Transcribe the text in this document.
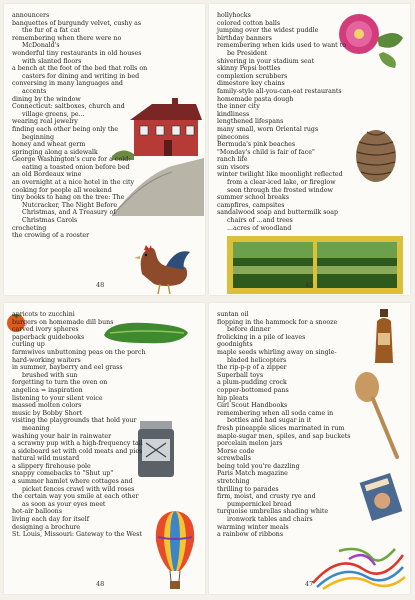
announcers
banquettes of burgundy velvet, cushy as
the fur of a fat cat
remembering when there were no
McDonald's
wonderful tiny restaurants in old houses
with slanted floors
a bench at the foot of the bed that rolls on
casters for dining and writing in bed
conversing in many languages and
accents
dining by the window
Connecticut: saltboxes, church and
village greens, pe...
wearing real jewelry
finding each other being only the
beginning
honey and wheat germ
springing along a sidewalk
George Washington's cure for a cold:
eating a toasted onion before bed
an old Bordeaux wine
an overnight at a nice hotel in the city
cooking for people all weekend
tiny books to hang on the tree: The
Nutcracker, The Night Before
Christmas, and A Treasury of
Christmas Carols
crocheting
the crowing of a rooster
48
hollyhocks
colored cotton balls
jumping over the widest puddle
birthday banners
remembering when kids used to want to
be President
shivering in your stadium seat
skinny Pepsi bottles
complexion scrubbers
dimestore key chains
family-style all-you-can-eat restaurants
homemade pasta dough
the inner city
kindliness
lengthened lifespans
many small, worn Oriental rugs
pinecones
Bermuda's pink beaches
"Monday's child is fair of face"
ranch life
sun visors
winter twilight like moonlight reflected
from a clear-iced lake, or fireglow
seen through the frosted window
summer school breaks
campfires, campsites
sandalwood soap and buttermilk soap
chairs of ...and trees
...acres of woodland
45
apricots to zucchini
burgers on homemade dill buns
carved ivory spheres
paperback guidebooks
curling up
farmwives unbuttoning peas on the porch
hard-working waiters
in summer, bayberry and eel grass
brushed with sun
forgetting to turn the oven on
angelica = inspiration
listening to your silent voice
massed molten colors
music by Bobby Short
visiting the playgrounds that hold your
meaning
washing your hair in rainwater
a scrawny pup with a high-frequency tail
a sideboard set with cold meats and pies
natural wild mustard
a slippery firehouse pole
snappy comebacks to "Shut up"
a summer hamlet where cottages and
picket fences crawl with wild roses
the certain way you smile at each other
as soon as your eyes meet
hot-air balloons
living each day for itself
designing a brochure
St. Louis, Missouri: Gateway to the West
48
suntan oil
flopping in the hammock for a snooze
before dinner
frolicking in a pile of leaves
goodnights
maple seeds whirling away on single-
bladed helicopters
the rip-p-p of a zipper
Superball toys
a plum-pudding crock
copper-bottomed pans
hip pleats
Girl Scout Handbooks
remembering when all soda came in
bottles and had sugar in it
fresh pineapple slices marinated in rum
maple-sugar men, spiles, and sap buckets
porcelain melon jars
Morse code
screwballs
being told you're dazzling
Paris Match magazine
stretching
thrilling to parades
firm, moist, and crusty rye and
pumpernickel bread
turquoise umbrellas shading white
ironwork tables and chairs
warming winter meals
a rainbow of ribbons
47
